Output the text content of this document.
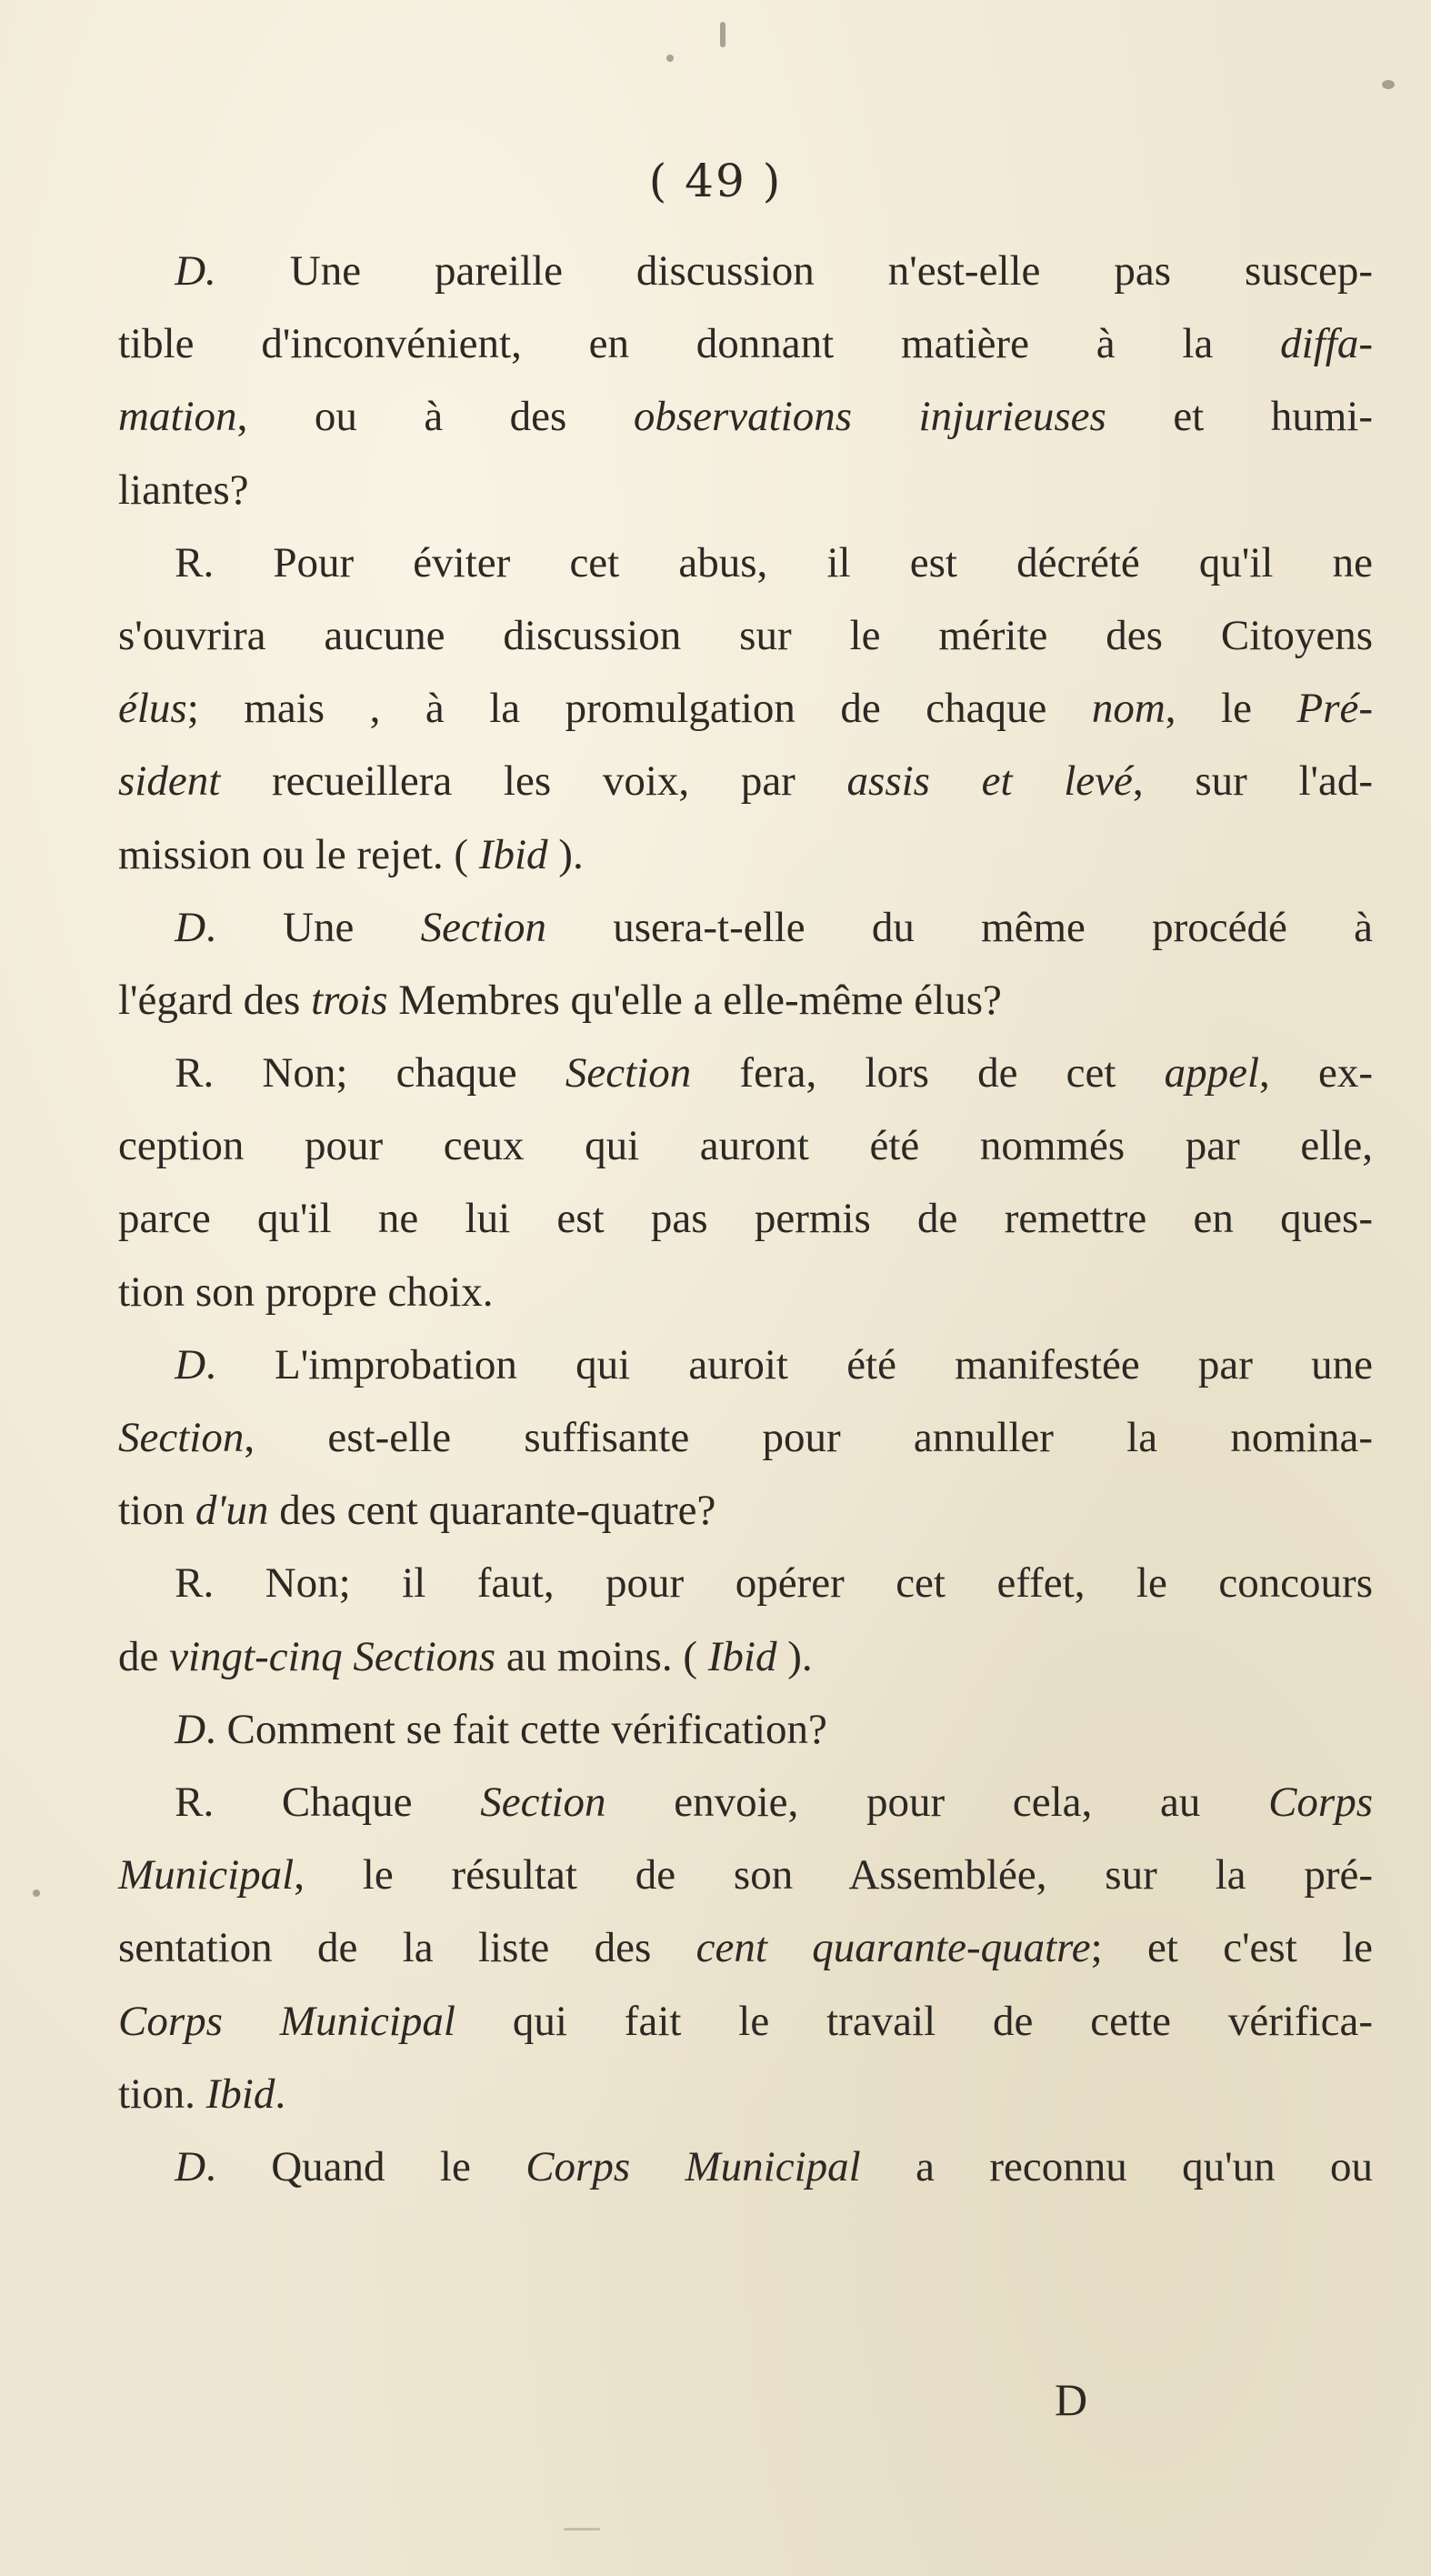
( 49 )
D. Une pareille discussion n'est-elle pas suscep-
tible d'inconvénient, en donnant matière à la diffa-
mation, ou à des observations injurieuses et humi-
liantes?
R. Pour éviter cet abus, il est décrété qu'il ne
s'ouvrira aucune discussion sur le mérite des Citoyens
élus; mais , à la promulgation de chaque nom, le Pré-
sident recueillera les voix, par assis et levé, sur l'ad-
mission ou le rejet. ( Ibid ).
D. Une Section usera-t-elle du même procédé à
l'égard des trois Membres qu'elle a elle-même élus?
R. Non; chaque Section fera, lors de cet appel, ex-
ception pour ceux qui auront été nommés par elle,
parce qu'il ne lui est pas permis de remettre en ques-
tion son propre choix.
D. L'improbation qui auroit été manifestée par une
Section, est-elle suffisante pour annuller la nomina-
tion d'un des cent quarante-quatre?
R. Non; il faut, pour opérer cet effet, le concours
de vingt-cinq Sections au moins. ( Ibid ).
D. Comment se fait cette vérification?
R. Chaque Section envoie, pour cela, au Corps
Municipal, le résultat de son Assemblée, sur la pré-
sentation de la liste des cent quarante-quatre; et c'est le
Corps Municipal qui fait le travail de cette vérifica-
tion. Ibid.
D. Quand le Corps Municipal a reconnu qu'un ou
D
